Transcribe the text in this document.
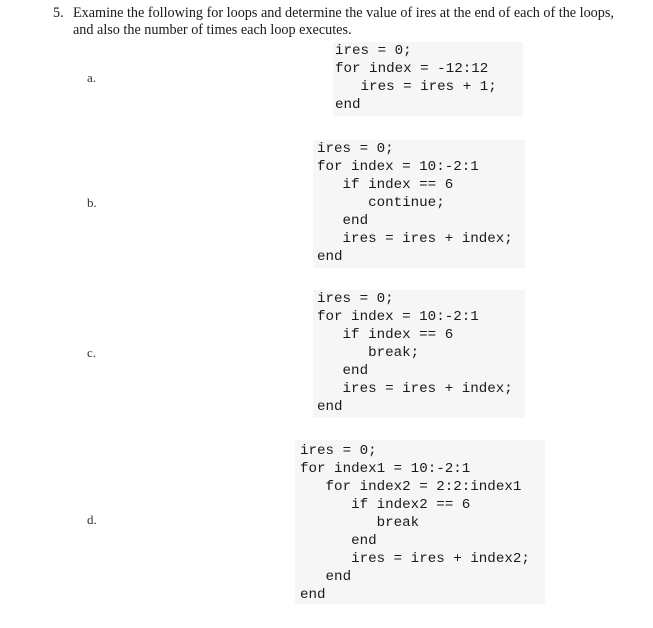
5. Examine the following for loops and determine the value of ires at the end of each of the loops,
and also the number of times each loop executes.
a.
ires = 0;
for index = -12:12
ires = ires + 1;
end
b.
ires = 0;
for index = 10:-2:1
if index == 6
continue;
end
ires = ires + index;
end
c.
ires = 0;
for index = 10:-2:1
if index == 6
break;
end
ires = ires + index;
end
d.
ires = 0;
for index1 = 10:-2:1
for index2 = 2:2:index1
if index2 == 6
break
end
ires = ires + index2;
end
end
